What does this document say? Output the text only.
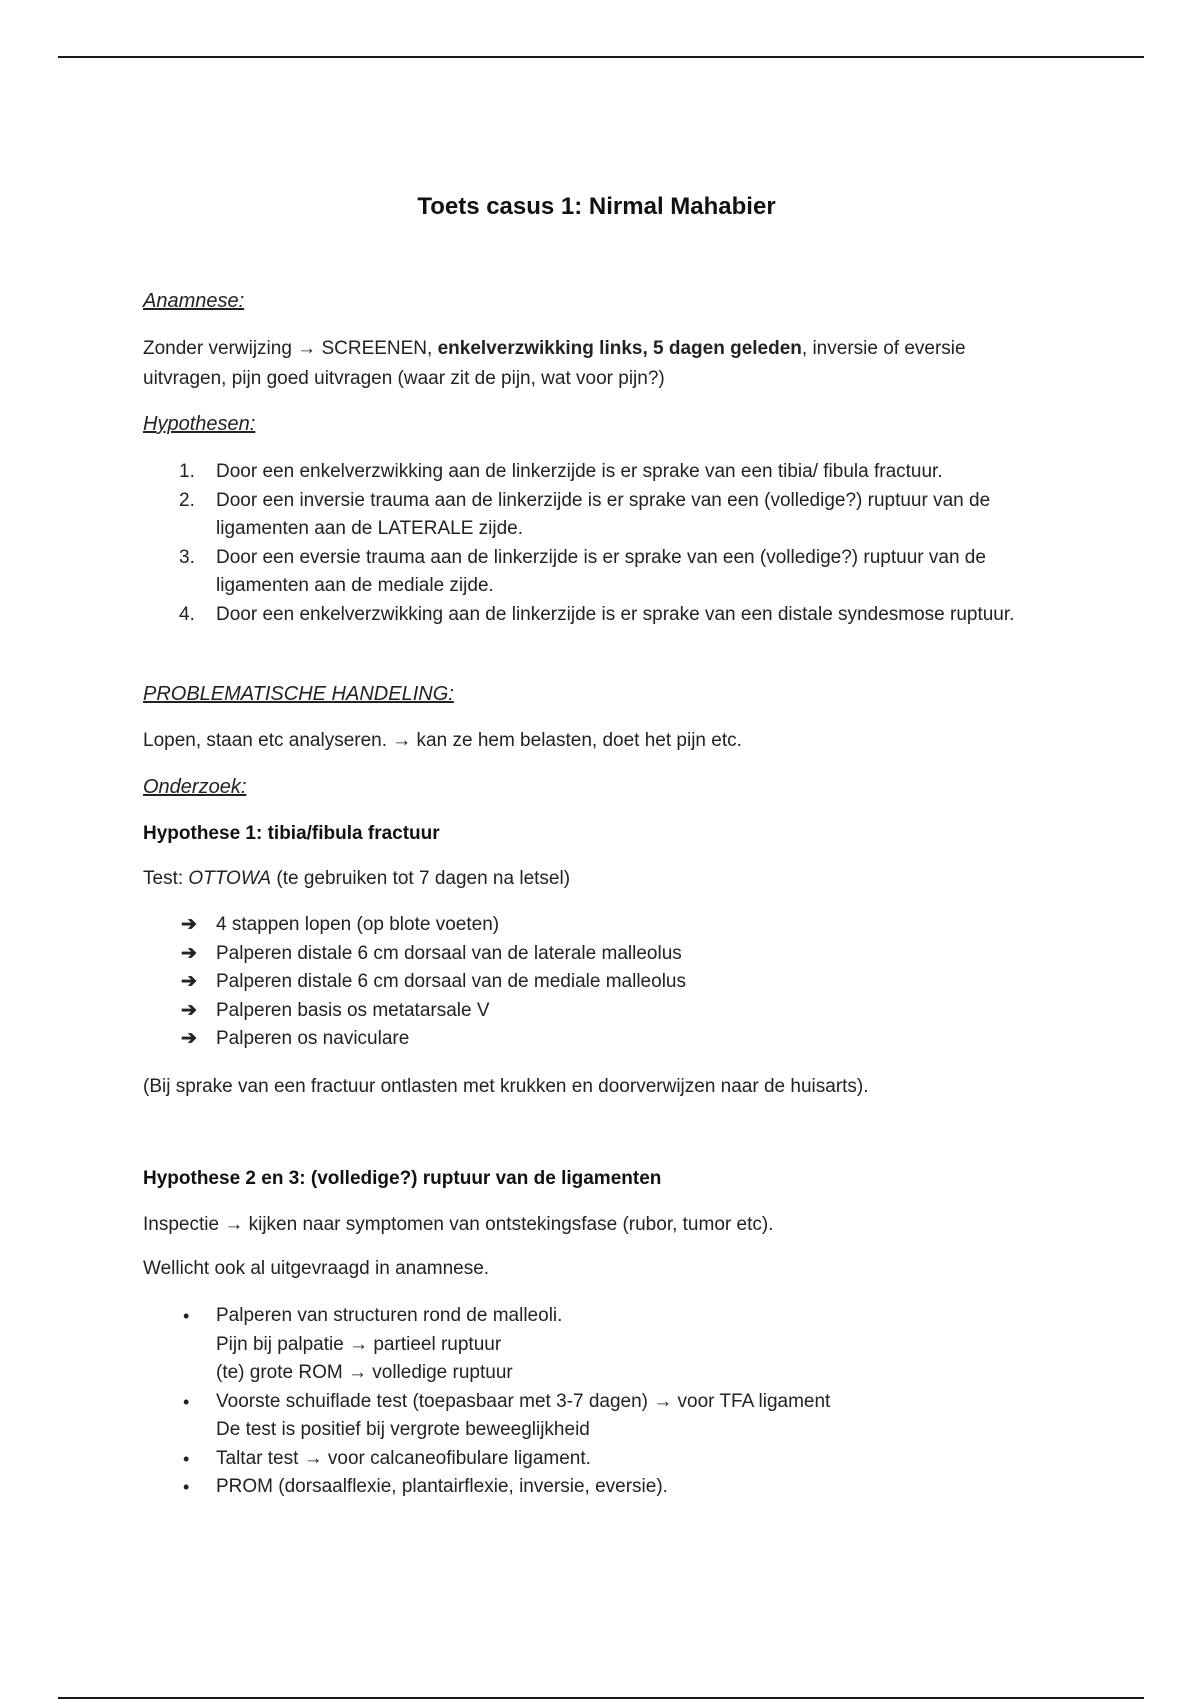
Toets casus 1: Nirmal Mahabier
Anamnese:
Zonder verwijzing → SCREENEN, enkelverzwikking links, 5 dagen geleden, inversie of eversie uitvragen, pijn goed uitvragen (waar zit de pijn, wat voor pijn?)
Hypothesen:
1.	Door een enkelverzwikking aan de linkerzijde is er sprake van een tibia/ fibula fractuur.
2.	Door een inversie trauma aan de linkerzijde is er sprake van een (volledige?) ruptuur van de ligamenten aan de LATERALE zijde.
3.	Door een eversie trauma aan de linkerzijde is er sprake van een (volledige?) ruptuur van de ligamenten aan de mediale zijde.
4.	Door een enkelverzwikking aan de linkerzijde is er sprake van een distale syndesmose ruptuur.
PROBLEMATISCHE HANDELING:
Lopen, staan etc analyseren. → kan ze hem belasten, doet het pijn etc.
Onderzoek:
Hypothese 1: tibia/fibula fractuur
Test: OTTOWA (te gebruiken tot 7 dagen na letsel)
➔ 4 stappen lopen (op blote voeten)
➔ Palperen distale 6 cm dorsaal van de laterale malleolus
➔ Palperen distale 6 cm dorsaal van de mediale malleolus
➔ Palperen basis os metatarsale V
➔ Palperen os naviculare
(Bij sprake van een fractuur ontlasten met krukken en doorverwijzen naar de huisarts).
Hypothese 2 en 3: (volledige?) ruptuur van de ligamenten
Inspectie → kijken naar symptomen van ontstekingsfase (rubor, tumor etc).
Wellicht ook al uitgevraagd in anamnese.
• Palperen van structuren rond de malleoli.
Pijn bij palpatie → partieel ruptuur
(te) grote ROM → volledige ruptuur
• Voorste schuiflade test (toepasbaar met 3-7 dagen) → voor TFA ligament
De test is positief bij vergrote beweeglijkheid
• Taltar test → voor calcaneofibulare ligament.
• PROM (dorsaalflexie, plantairflexie, inversie, eversie).
